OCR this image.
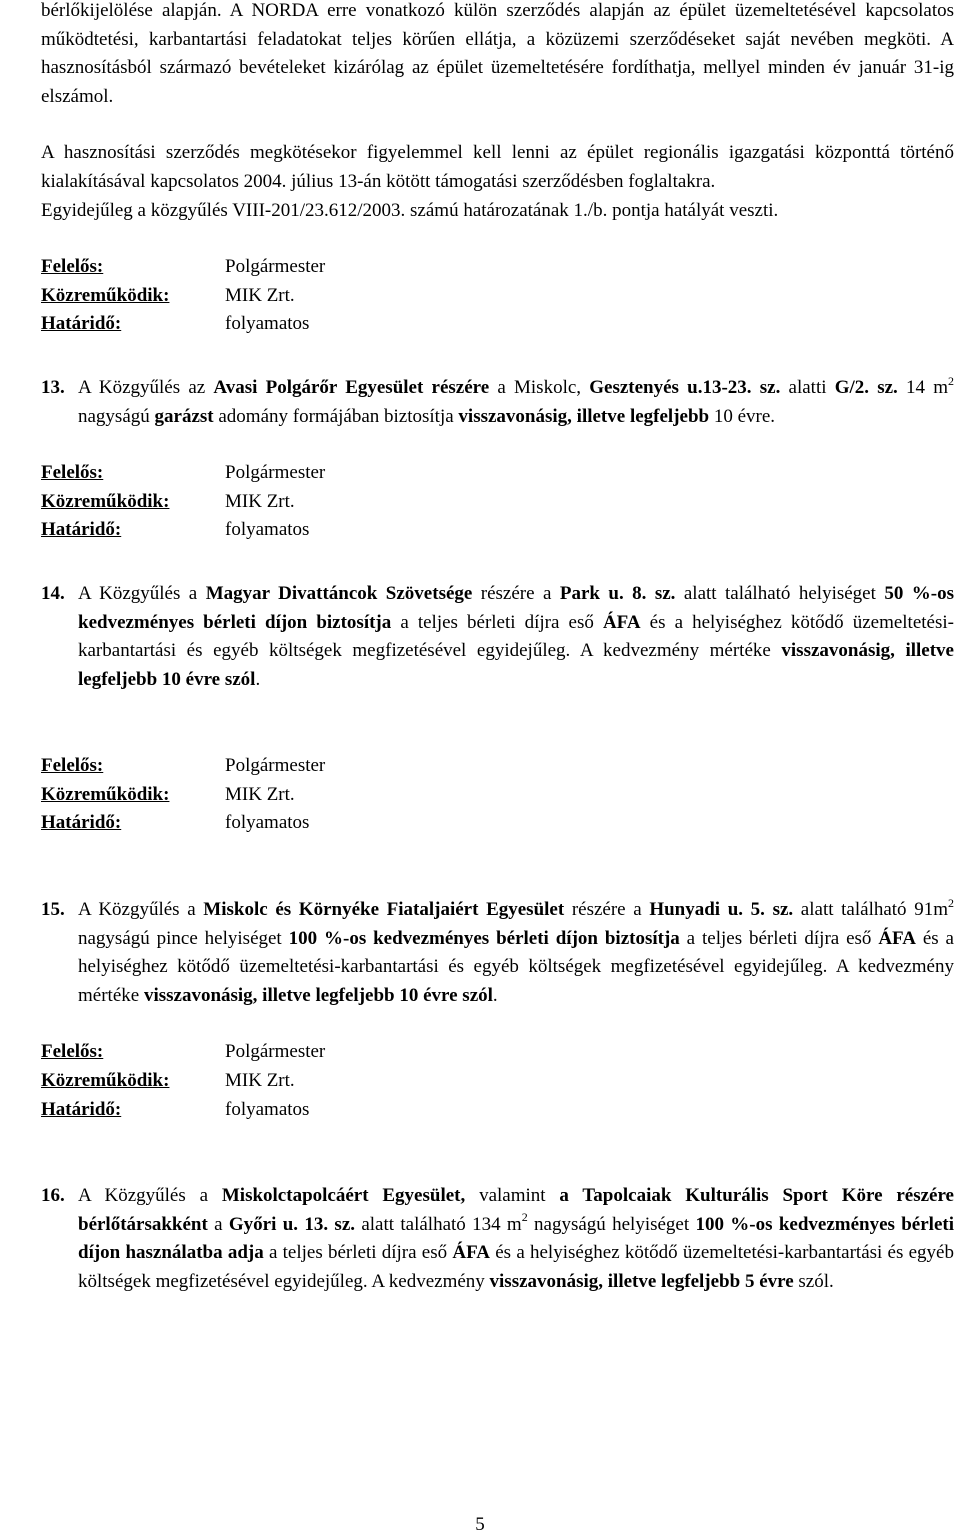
bérlőkijelölése alapján. A NORDA erre vonatkozó külön szerződés alapján az épület üzemeltetésével kapcsolatos működtetési, karbantartási feladatokat teljes körűen ellátja, a közüzemi szerződéseket saját nevében megköti. A hasznosításból származó bevételeket kizárólag az épület üzemeltetésére fordíthatja, mellyel minden év január 31-ig elszámol.

A hasznosítási szerződés megkötésekor figyelemmel kell lenni az épület regionális igazgatási központtá történő kialakításával kapcsolatos 2004. július 13-án kötött támogatási szerződésben foglaltakra.

Egyidejűleg a közgyűlés VIII-201/23.612/2003. számú határozatának 1./b. pontja hatályát veszti.

Felelős:	Polgármester
Közreműködik:	MIK Zrt.
Határidő:	folyamatos
13. A Közgyűlés az Avasi Polgárőr Egyesület részére a Miskolc, Gesztenyés u.13-23. sz. alatti G/2. sz. 14 $m^2$ nagyságú garázst adomány formájában biztosítja visszavonásig, illetve legfeljebb 10 évre.

Felelős:	Polgármester
Közreműködik:	MIK Zrt.
Határidő:	folyamatos
14. A Közgyűlés a Magyar Divattáncok Szövetsége részére a Park u. 8. sz. alatt található helyiséget 50 %-os kedvezményes bérleti díjon biztosítja a teljes bérleti díjra eső ÁFA és a helyiséghez kötődő üzemeltetési-karbantartási és egyéb költségek megfizetésével egyidejűleg. A kedvezmény mértéke visszavonásig, illetve legfeljebb 10 évre szól.

Felelős:	Polgármester
Közreműködik:	MIK Zrt.
Határidő:	folyamatos
15. A Közgyűlés a Miskolc és Környéke Fiataljaiért Egyesület részére a Hunyadi u. 5. sz. alatt található $91m^2$ nagyságú pince helyiséget 100 %-os kedvezményes bérleti díjon biztosítja a teljes bérleti díjra eső ÁFA és a helyiséghez kötődő üzemeltetési-karbantartási és egyéb költségek megfizetésével egyidejűleg. A kedvezmény mértéke visszavonásig, illetve legfeljebb 10 évre szól.

Felelős:	Polgármester
Közreműködik:	MIK Zrt.
Határidő:	folyamatos
16. A Közgyűlés a Miskolctapolcáért Egyesület, valamint a Tapolcaiak Kulturális Sport Köre részére bérlőtársakként a Győri u. 13. sz. alatt található 134 $m^2$ nagyságú helyiséget 100 %-os kedvezményes bérleti díjon használatba adja a teljes bérleti díjra eső ÁFA és a helyiséghez kötődő üzemeltetési-karbantartási és egyéb költségek megfizetésével egyidejűleg. A kedvezmény visszavonásig, illetve legfeljebb 5 évre szól.

5
